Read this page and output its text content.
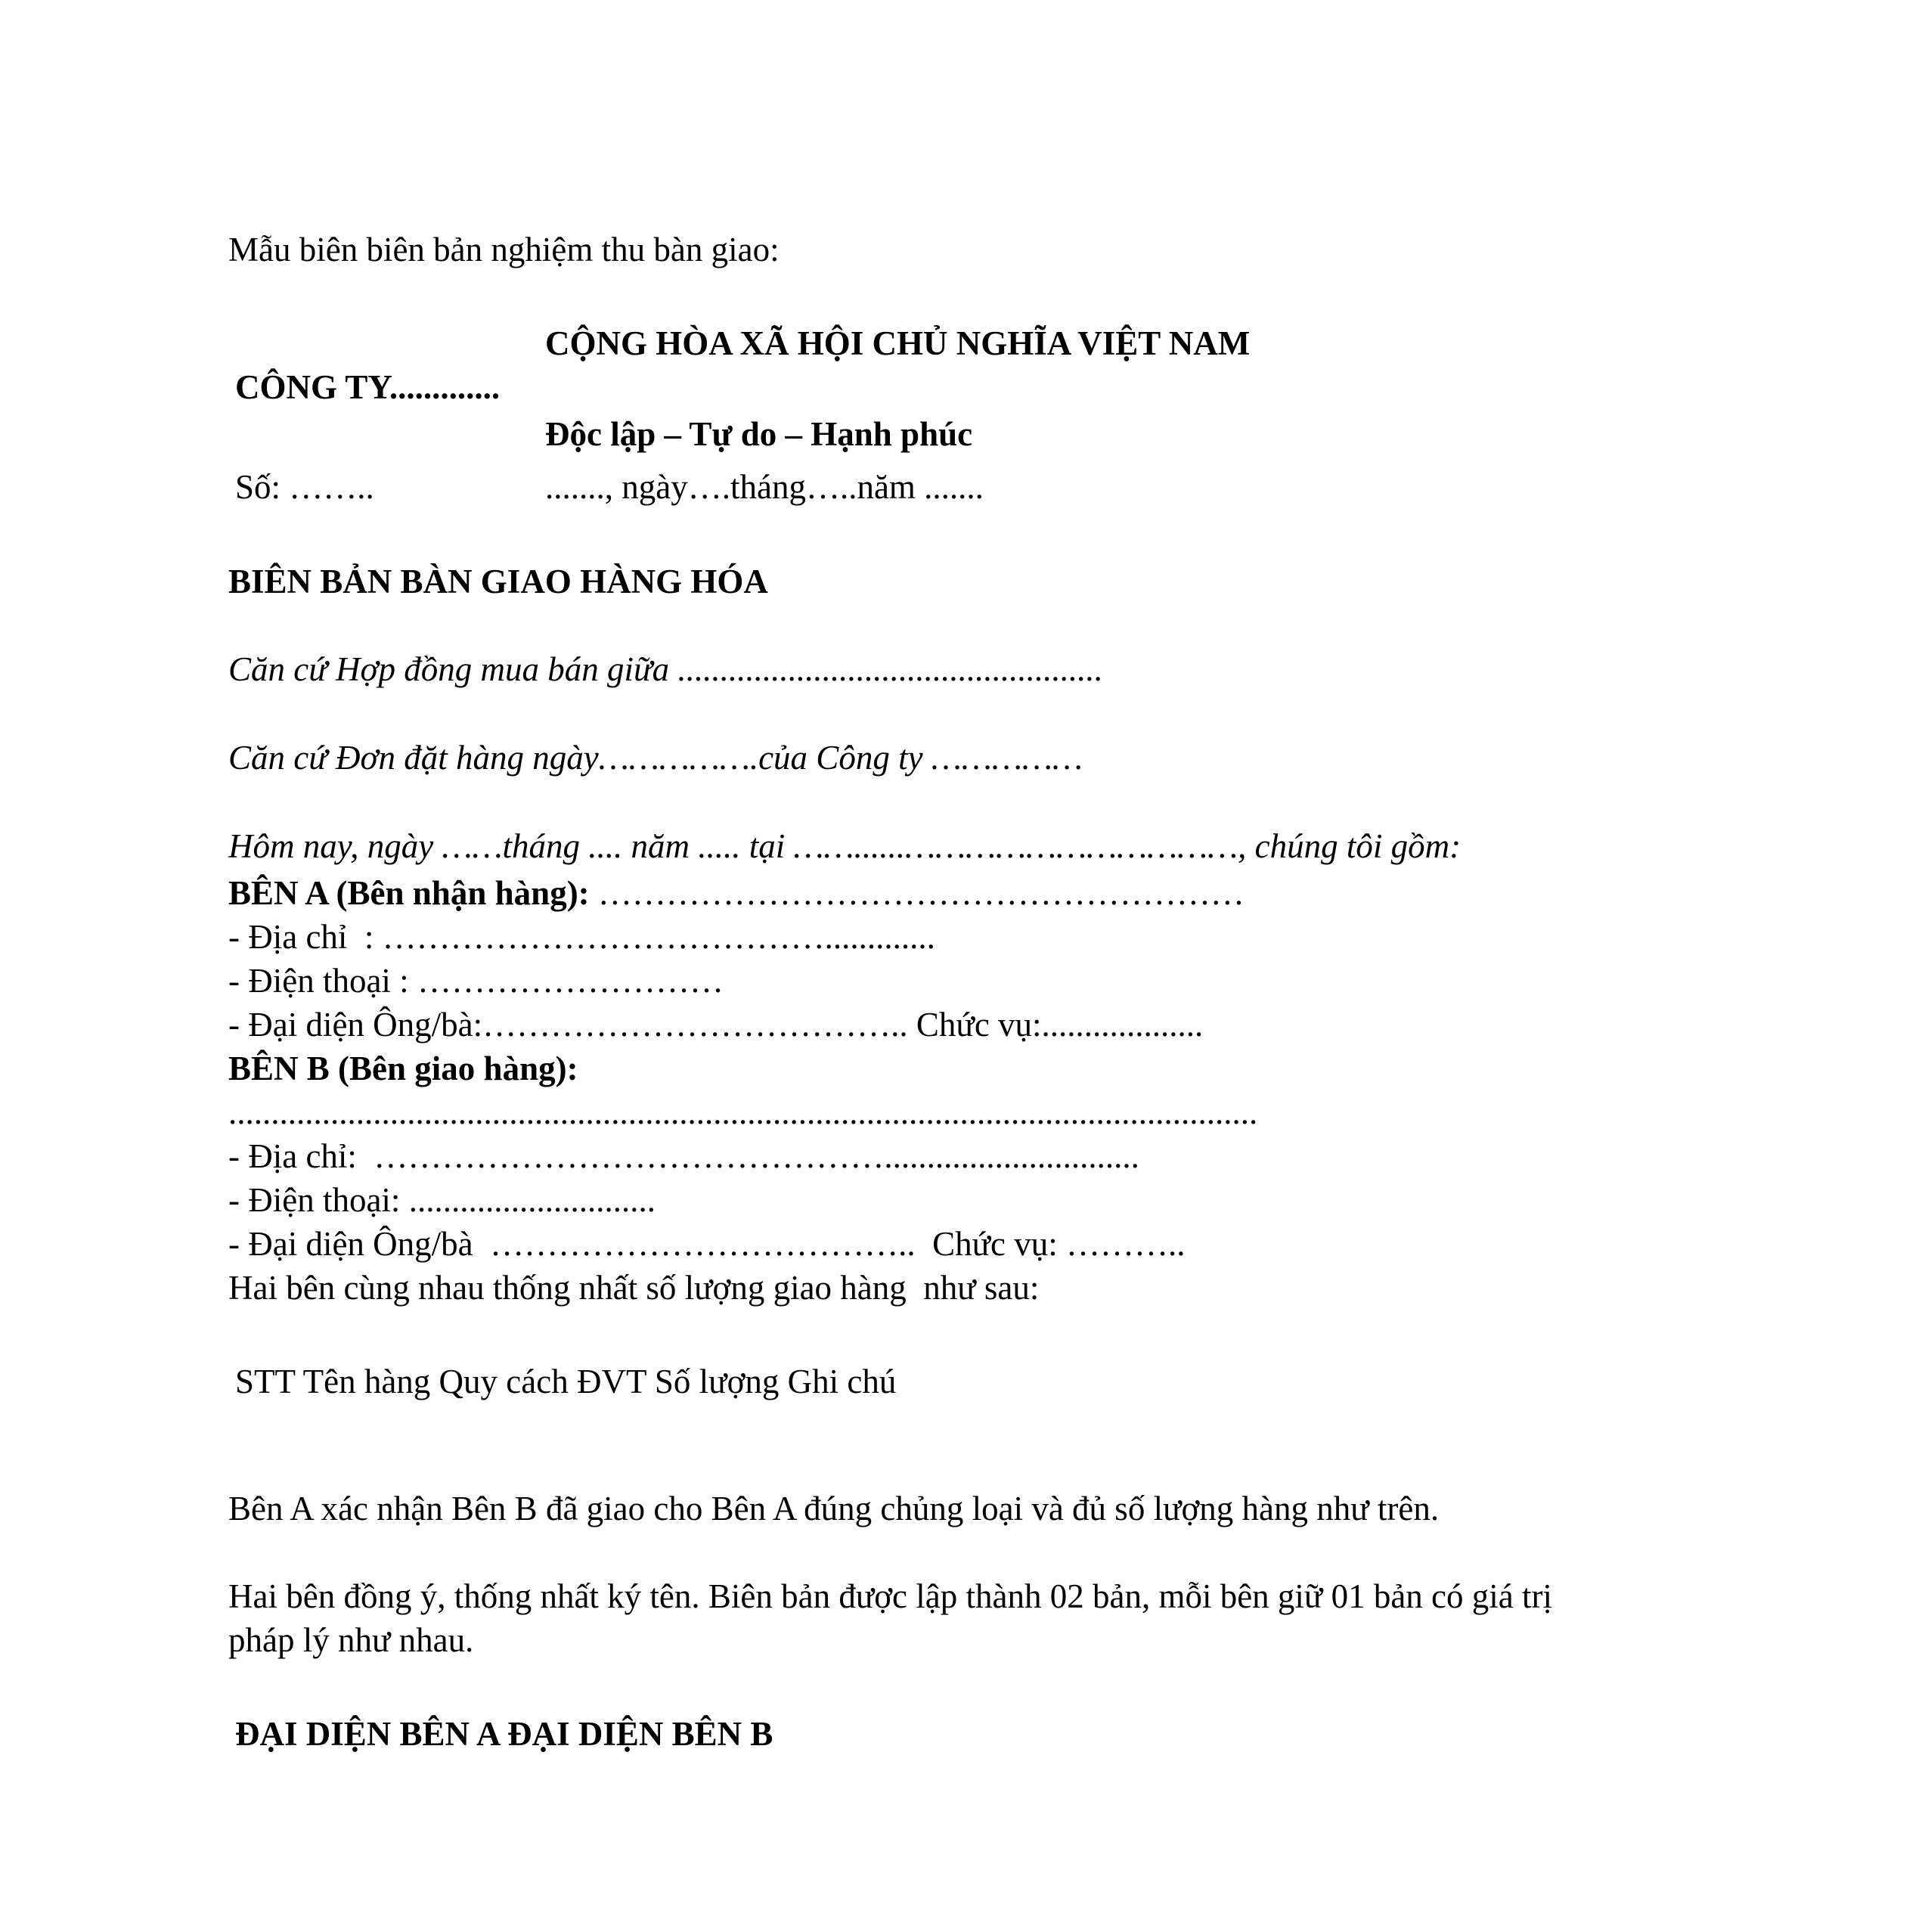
Mẫu biên biên bản nghiệm thu bàn giao:

CỘNG HÒA XÃ HỘI CHỦ NGHĨA VIỆT NAM

CÔNG TY.............

Độc lập – Tự do – Hạnh phúc

Số: ……..	......., ngày….tháng…..năm .......

BIÊN BẢN BÀN GIAO HÀNG HÓA

Căn cứ Hợp đồng mua bán giữa ..................................................

Căn cứ Đơn đặt hàng ngày…………….của Công ty ……………

Hôm nay, ngày ……tháng .... năm ..... tại ……......……………………………, chúng tôi gồm:

BÊN A (Bên nhận hàng): …………………………………………………

- Địa chỉ  : ………………………………….............

- Điện thoại : ………………………

- Đại diện Ông/bà:……………………………….. Chức vụ:...................

BÊN B (Bên giao hàng):

.........................................................................................................................

- Địa chỉ:  ………………………………………..............................

- Điện thoại: .............................

- Đại diện Ông/bà  ………………………………..  Chức vụ: ………..

Hai bên cùng nhau thống nhất số lượng giao hàng  như sau:

STT Tên hàng Quy cách ĐVT Số lượng Ghi chú

Bên A xác nhận Bên B đã giao cho Bên A đúng chủng loại và đủ số lượng hàng như trên.

Hai bên đồng ý, thống nhất ký tên. Biên bản được lập thành 02 bản, mỗi bên giữ 01 bản có giá trị

pháp lý như nhau.

ĐẠI DIỆN BÊN A ĐẠI DIỆN BÊN B
